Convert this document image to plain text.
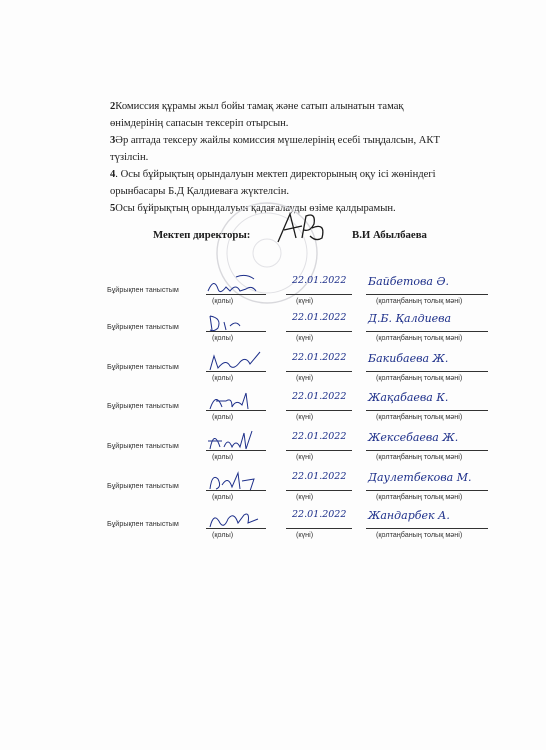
2Комиссия құрамы жыл бойы тамақ және сатып алынатын тамақ
өнімдерінің сапасын тексеріп отырсын.
3Әр аптада тексеру жайлы комиссия мүшелерінің есебі тыңдалсын, АКТ
түзілсін.
4. Осы бұйрықтың орындалуын мектеп директорының оқу ісі жөніндегі
орынбасары Б.Д Қалдиеваға жүктелсін.
5Осы бұйрықтың орындалуын қадағалауды өзіме қалдырамын.
Мектеп директоры:	В.И Абылбаева
Бұйрықпен таныстым
(қолы)
22.01.2022
(күні)
Байбетова Ә.
(қолтаңбаның толық мәні)
Бұйрықпен таныстым
(қолы)
22.01.2022
(күні)
Д.Б. Қалдиева
(қолтаңбаның толық мәні)
Бұйрықпен таныстым
(қолы)
22.01.2022
(күні)
Бакибаева Ж.
(қолтаңбаның толық мәні)
Бұйрықпен таныстым
(қолы)
22.01.2022
(күні)
Жақабаева К.
(қолтаңбаның толық мәні)
Бұйрықпен таныстым
(қолы)
22.01.2022
(күні)
Жексебаева Ж.
(қолтаңбаның толық мәні)
Бұйрықпен таныстым
(қолы)
22.01.2022
(күні)
Даулетбекова М.
(қолтаңбаның толық мәні)
Бұйрықпен таныстым
(қолы)
22.01.2022
(күні)
Жандарбек А.
(қолтаңбаның толық мәні)
